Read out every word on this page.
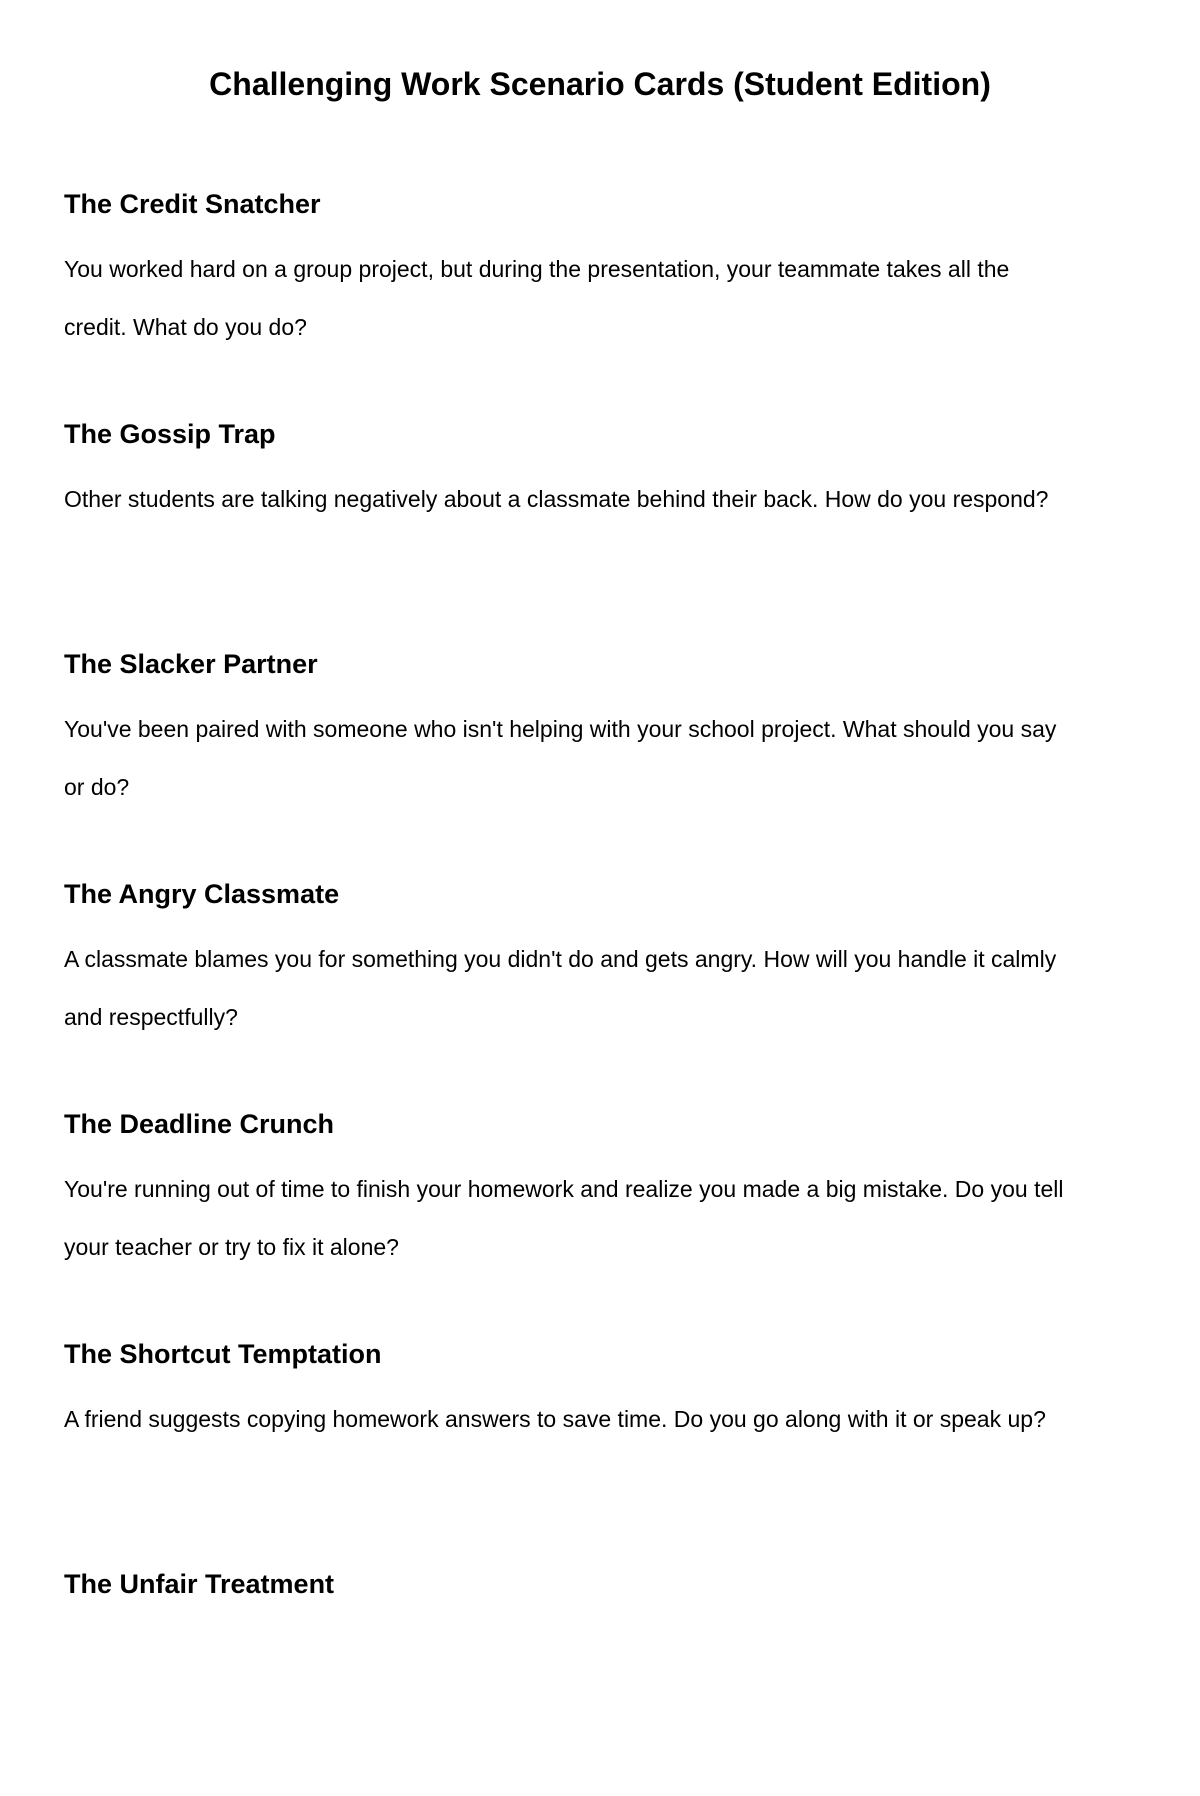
Challenging Work Scenario Cards (Student Edition)
The Credit Snatcher

You worked hard on a group project, but during the presentation, your teammate takes all the credit. What do you do?

The Gossip Trap

Other students are talking negatively about a classmate behind their back. How do you respond?

The Slacker Partner

You've been paired with someone who isn't helping with your school project. What should you say or do?

The Angry Classmate

A classmate blames you for something you didn't do and gets angry. How will you handle it calmly and respectfully?

The Deadline Crunch

You're running out of time to finish your homework and realize you made a big mistake. Do you tell your teacher or try to fix it alone?

The Shortcut Temptation

A friend suggests copying homework answers to save time. Do you go along with it or speak up?

The Unfair Treatment
